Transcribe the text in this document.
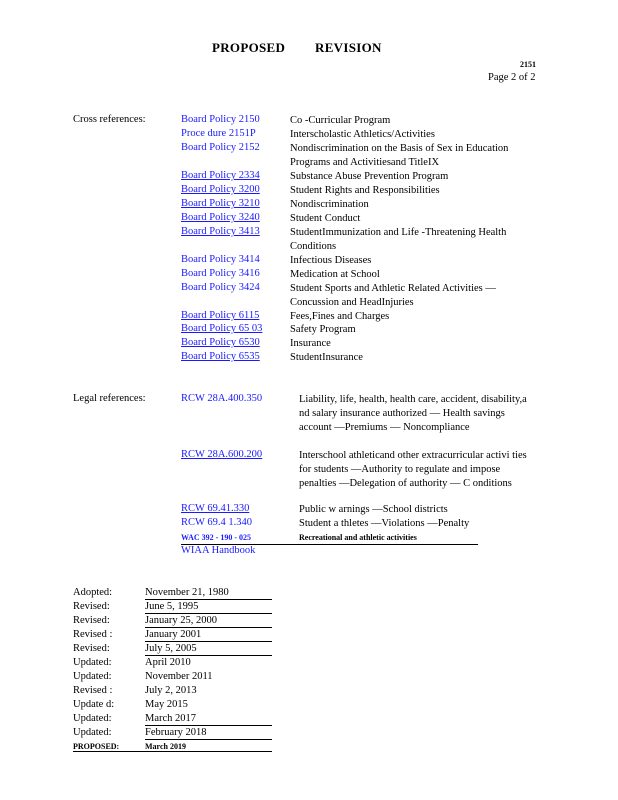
PROPOSED REVISION
2151
Page 2 of 2
Cross references:	Board Policy 2150	Co -Curricular Program
Proce dure 2151P	Interscholastic Athletics/Activities
Board Policy 2152	Nondiscrimination on the Basis of Sex in Education Programs and Activitiesand TitleIX
Board Policy 2334	Substance Abuse Prevention Program
Board Policy 3200	Student Rights and Responsibilities
Board Policy 3210	Nondiscrimination
Board Policy 3240	Student Conduct
Board Policy 3413	StudentImmunization and Life -Threatening Health Conditions
Board Policy 3414	Infectious Diseases
Board Policy 3416	Medication at School
Board Policy 3424	Student Sports and Athletic Related Activities — Concussion and HeadInjuries
Board Policy 6115	Fees,Fines and Charges
Board Policy 65 03	Safety Program
Board Policy 6530	Insurance
Board Policy 6535	StudentInsurance
Legal references:	RCW 28A.400.350	Liability, life, health, health care, accident, disability,a nd salary insurance authorized — Health savings account —Premiums — Noncompliance
RCW 28A.600.200	Interschool athleticand other extracurricular activi ties for students —Authority to regulate and impose penalties —Delegation of authority — C onditions
RCW 69.41.330	Public w arnings —School districts
RCW 69.4 1.340	Student a thletes —Violations —Penalty
WAC 392 - 190 - 025	Recreational and athletic activities
WIAA Handbook
Adopted:	November 21, 1980
Revised:	June 5, 1995
Revised:	January 25, 2000
Revised :	January 2001
Revised:	July 5, 2005
Updated:	April 2010
Updated:	November 2011
Revised :	July 2, 2013
Update d:	May 2015
Updated:	March 2017
Updated:	February 2018
PROPOSED:	March 2019
